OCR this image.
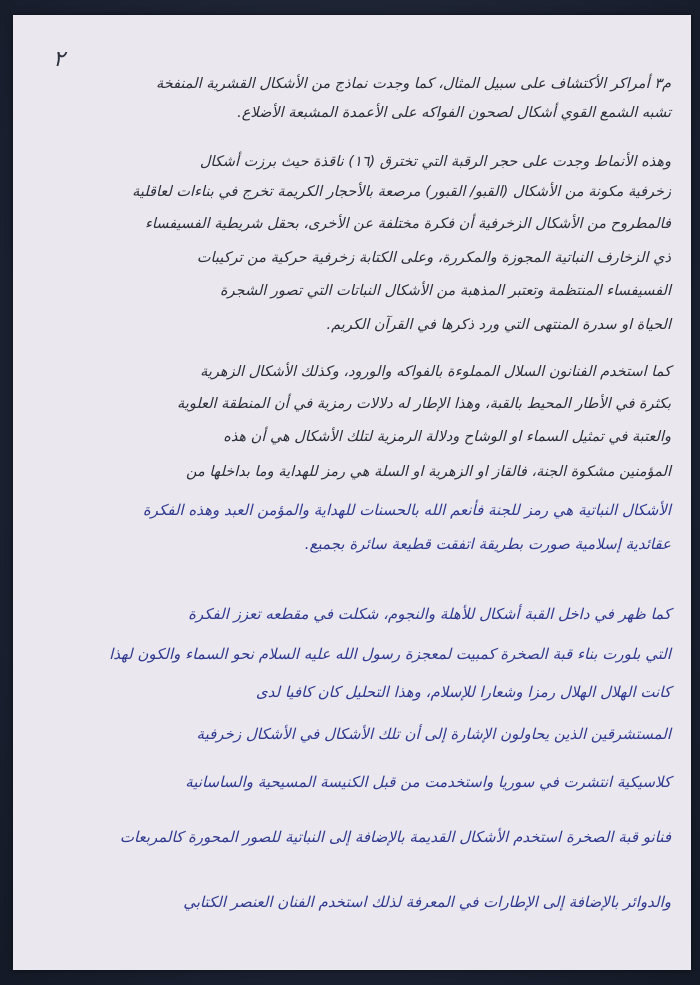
٢
م٣ أمراكر الأكتشاف على سبيل المثال، كما وجدت نماذج من الأشكال القشرية المنفخة
تشبه الشمع القوي أشكال لصحون الفواكه على الأعمدة المشبعة الأضلاع.
وهذه الأنماط وجدت على حجر الرقبة التي تخترق (١٦) ناقذة حيث برزت أشكال
زخرفية مكونة من الأشكال (القبو/ القبور) مرصعة بالأحجار الكريمة تخرج في بناءات لعاقلية
فالمطروح من الأشكال الزخرفية أن فكرة مختلفة عن الأخرى، بحقل شريطية الفسيفساء
ذي الزخارف النباتية المجوزة والمكررة، وعلى الكتابة زخرفية حركية من تركيبات
الفسيفساء المنتظمة وتعتبر المذهبة من الأشكال النباتات التي تصور الشجرة
الحياة او سدرة المنتهى التي ورد ذكرها في القرآن الكريم.
كما استخدم الفنانون السلال المملوءة بالفواكه والورود، وكذلك الأشكال الزهرية
بكثرة في الأطار المحيط بالقبة، وهذا الإطار له دلالات رمزية في أن المنطقة العلوية
والعتبة في تمثيل السماء او الوشاح ودلالة الرمزية لتلك الأشكال هي أن هذه
المؤمنين مشكوة الجنة، فالقاز او الزهرية او السلة هي رمز للهداية وما بداخلها من
الأشكال النباتية هي رمز للجنة فأنعم الله بالحسنات للهداية والمؤمن العبد وهذه الفكرة
عقائدية إسلامية صورت بطريقة اتفقت قطيعة سائرة بجميع.
كما ظهر في داخل القبة أشكال للأهلة والنجوم، شكلت في مقطعه تعزز الفكرة
التي بلورت بناء قبة الصخرة كمبيت لمعجزة رسول الله عليه السلام نحو السماء والكون لهذا
كانت الهلال الهلال رمزا وشعارا للإسلام، وهذا التحليل كان كافيا لدى
المستشرقين الذين يحاولون الإشارة إلى أن تلك الأشكال في الأشكال زخرفية
كلاسيكية انتشرت في سوريا واستخدمت من قبل الكنيسة المسيحية والساسانية
فنانو قبة الصخرة استخدم الأشكال القديمة بالإضافة إلى النباتية للصور المحورة كالمربعات
والدوائر بالإضافة إلى الإطارات في المعرفة لذلك استخدم الفنان العنصر الكتابي
